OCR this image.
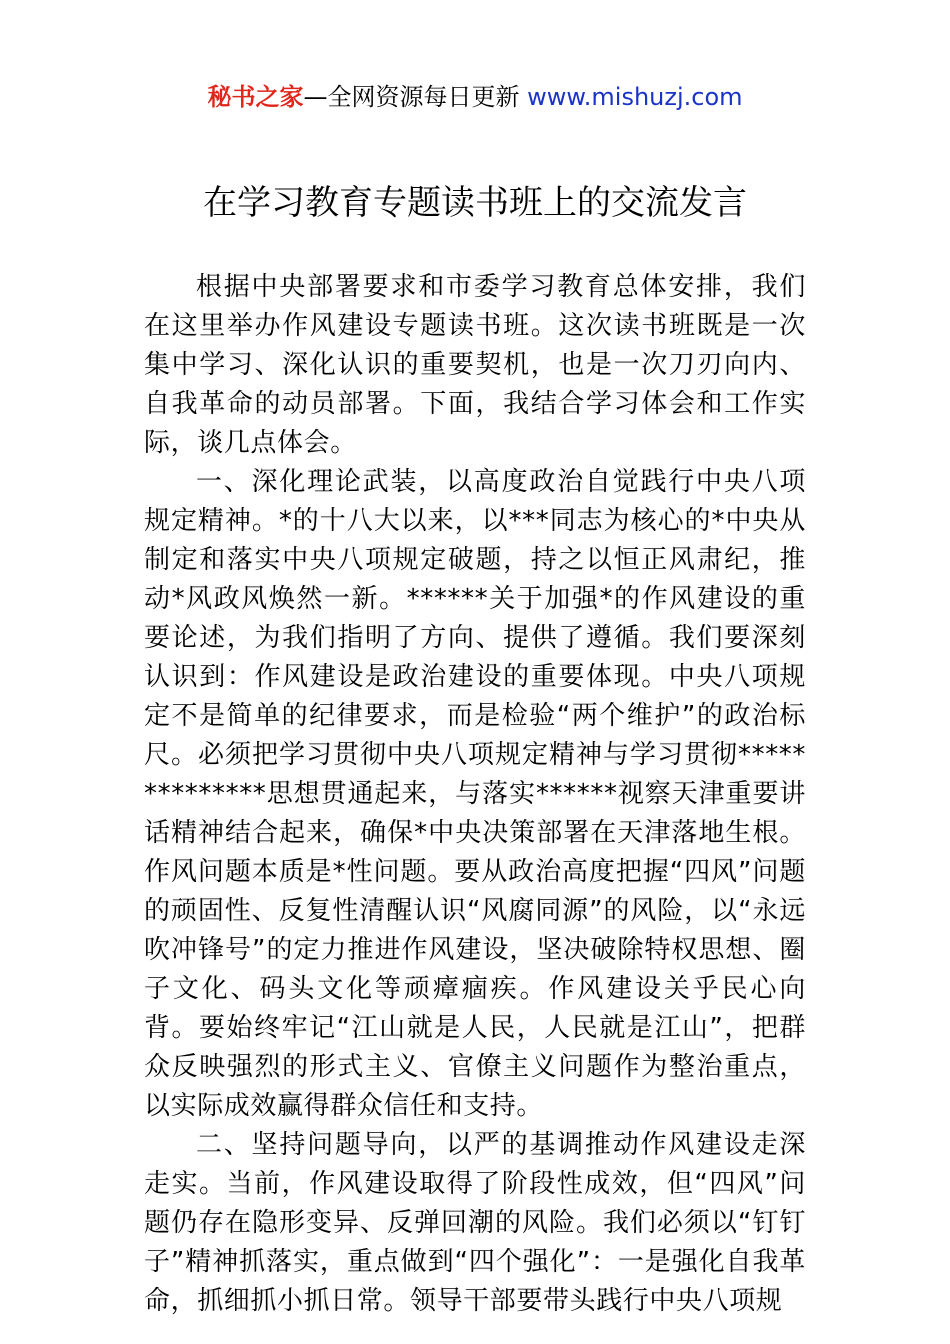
秘书之家—全网资源每日更新 www.mishuzj.com
在学习教育专题读书班上的交流发言

根据中央部署要求和市委学习教育总体安排，我们在这里举办作风建设专题读书班。这次读书班既是一次集中学习、深化认识的重要契机，也是一次刀刃向内、自我革命的动员部署。下面，我结合学习体会和工作实际，谈几点体会。

一、深化理论武装，以高度政治自觉践行中央八项规定精神。*的十八大以来，以***同志为核心的*中央从制定和落实中央八项规定破题，持之以恒正风肃纪，推动*风政风焕然一新。******关于加强*的作风建设的重要论述，为我们指明了方向、提供了遵循。我们要深刻认识到：作风建设是政治建设的重要体现。中央八项规定不是简单的纪律要求，而是检验“两个维护”的政治标尺。必须把学习贯彻中央八项规定精神与学习贯彻**************思想贯通起来，与落实******视察天津重要讲话精神结合起来，确保*中央决策部署在天津落地生根。作风问题本质是*性问题。要从政治高度把握“四风”问题的顽固性、反复性清醒认识“风腐同源”的风险，以“永远吹冲锋号”的定力推进作风建设，坚决破除特权思想、圈子文化、码头文化等顽瘴痼疾。作风建设关乎民心向背。要始终牢记“江山就是人民，人民就是江山”，把群众反映强烈的形式主义、官僚主义问题作为整治重点，以实际成效赢得群众信任和支持。

二、坚持问题导向，以严的基调推动作风建设走深走实。当前，作风建设取得了阶段性成效，但“四风”问题仍存在隐形变异、反弹回潮的风险。我们必须以“钉钉子”精神抓落实，重点做到“四个强化”：一是强化自我革命，抓细抓小抓日常。领导干部要带头践行中央八项规
